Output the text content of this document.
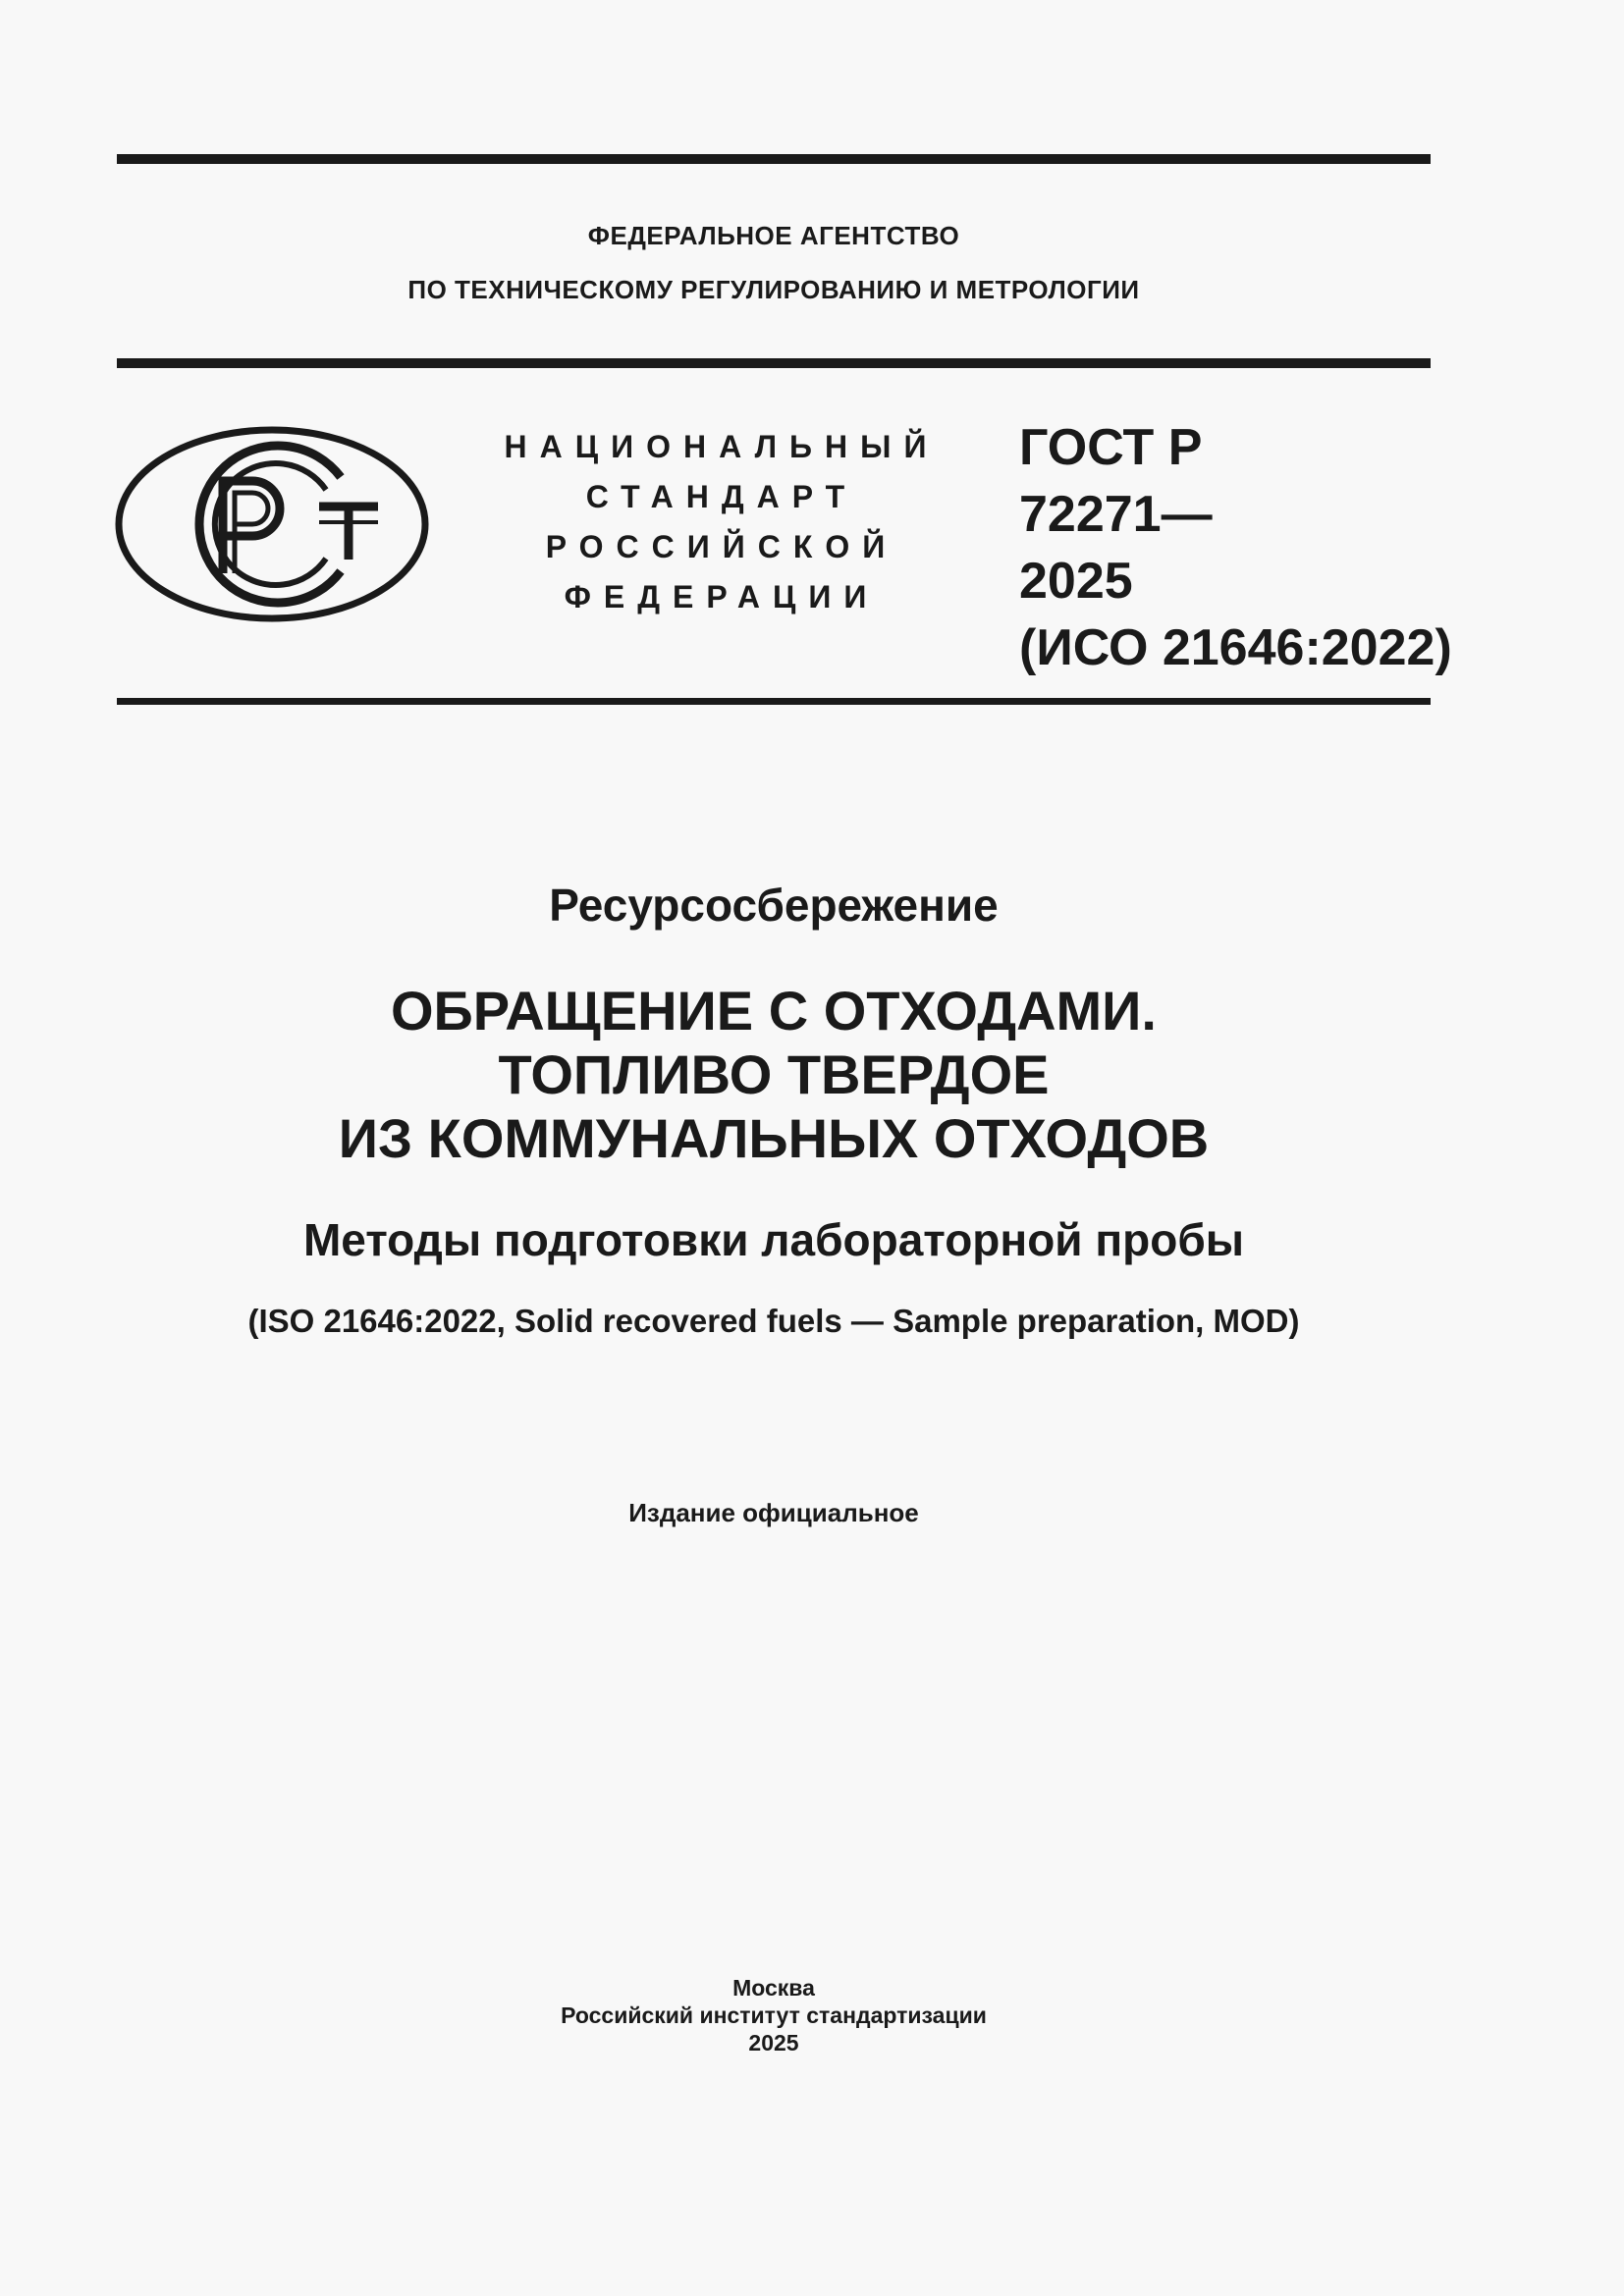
ФЕДЕРАЛЬНОЕ АГЕНТСТВО
ПО ТЕХНИЧЕСКОМУ РЕГУЛИРОВАНИЮ И МЕТРОЛОГИИ
НАЦИОНАЛЬНЫЙ
СТАНДАРТ
РОССИЙСКОЙ
ФЕДЕРАЦИИ
ГОСТ Р
72271—
2025
(ИСО 21646:2022)
Ресурсосбережение
ОБРАЩЕНИЕ С ОТХОДАМИ.
ТОПЛИВО ТВЕРДОЕ
ИЗ КОММУНАЛЬНЫХ ОТХОДОВ
Методы подготовки лабораторной пробы
(ISO 21646:2022, Solid recovered fuels — Sample preparation, MOD)
Издание официальное
Москва
Российский институт стандартизации
2025
